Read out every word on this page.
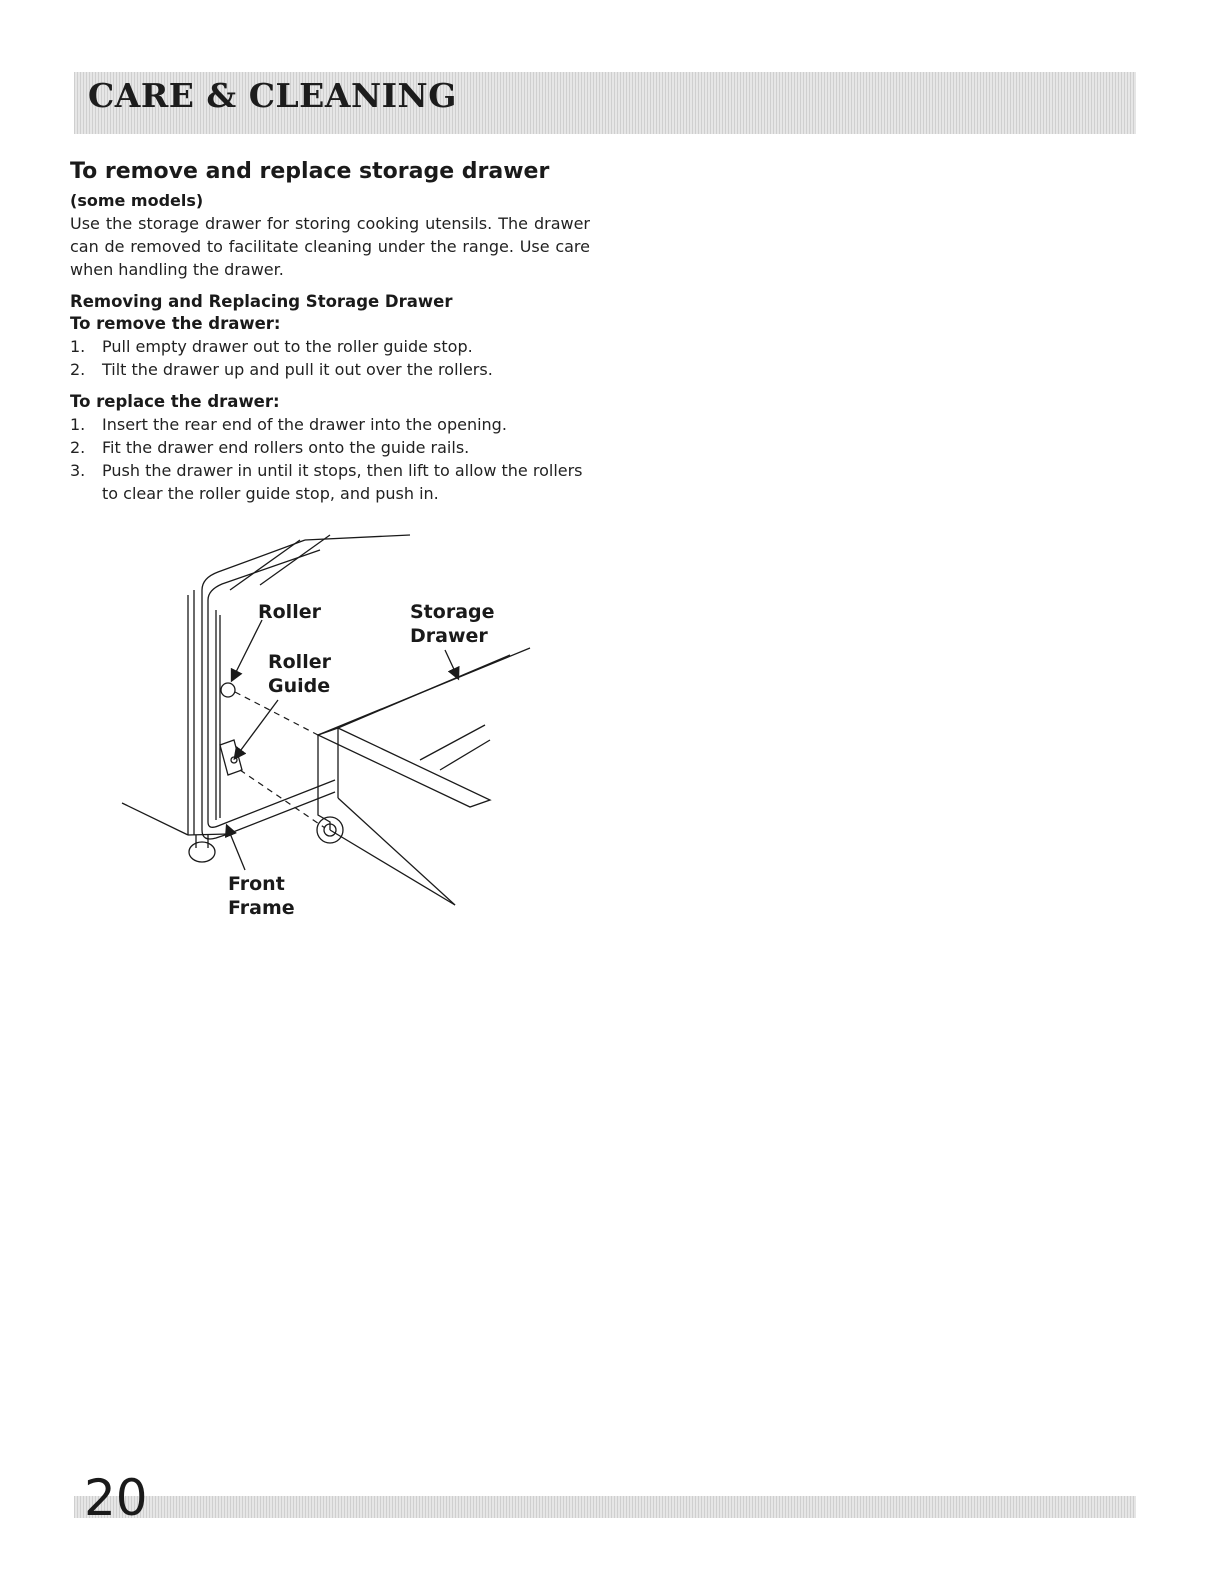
CARE & CLEANING
To remove and replace storage drawer
(some models)

Use the storage drawer for storing cooking utensils. The drawer can de removed to facilitate cleaning under the range. Use care when handling the drawer.

Removing and Replacing Storage Drawer
To remove the drawer:
1.	Pull empty drawer out to the roller guide stop.
2.	Tilt the drawer up and pull it out over the rollers.
To replace the drawer:
1.	Insert the rear end of the drawer into the opening.
2.	Fit the drawer end rollers onto the guide rails.
3.	Push the drawer in until it stops, then lift to allow the rollers to clear the roller guide stop, and push in.
Roller
Roller
Guide
Storage
Drawer
Front
Frame
20
